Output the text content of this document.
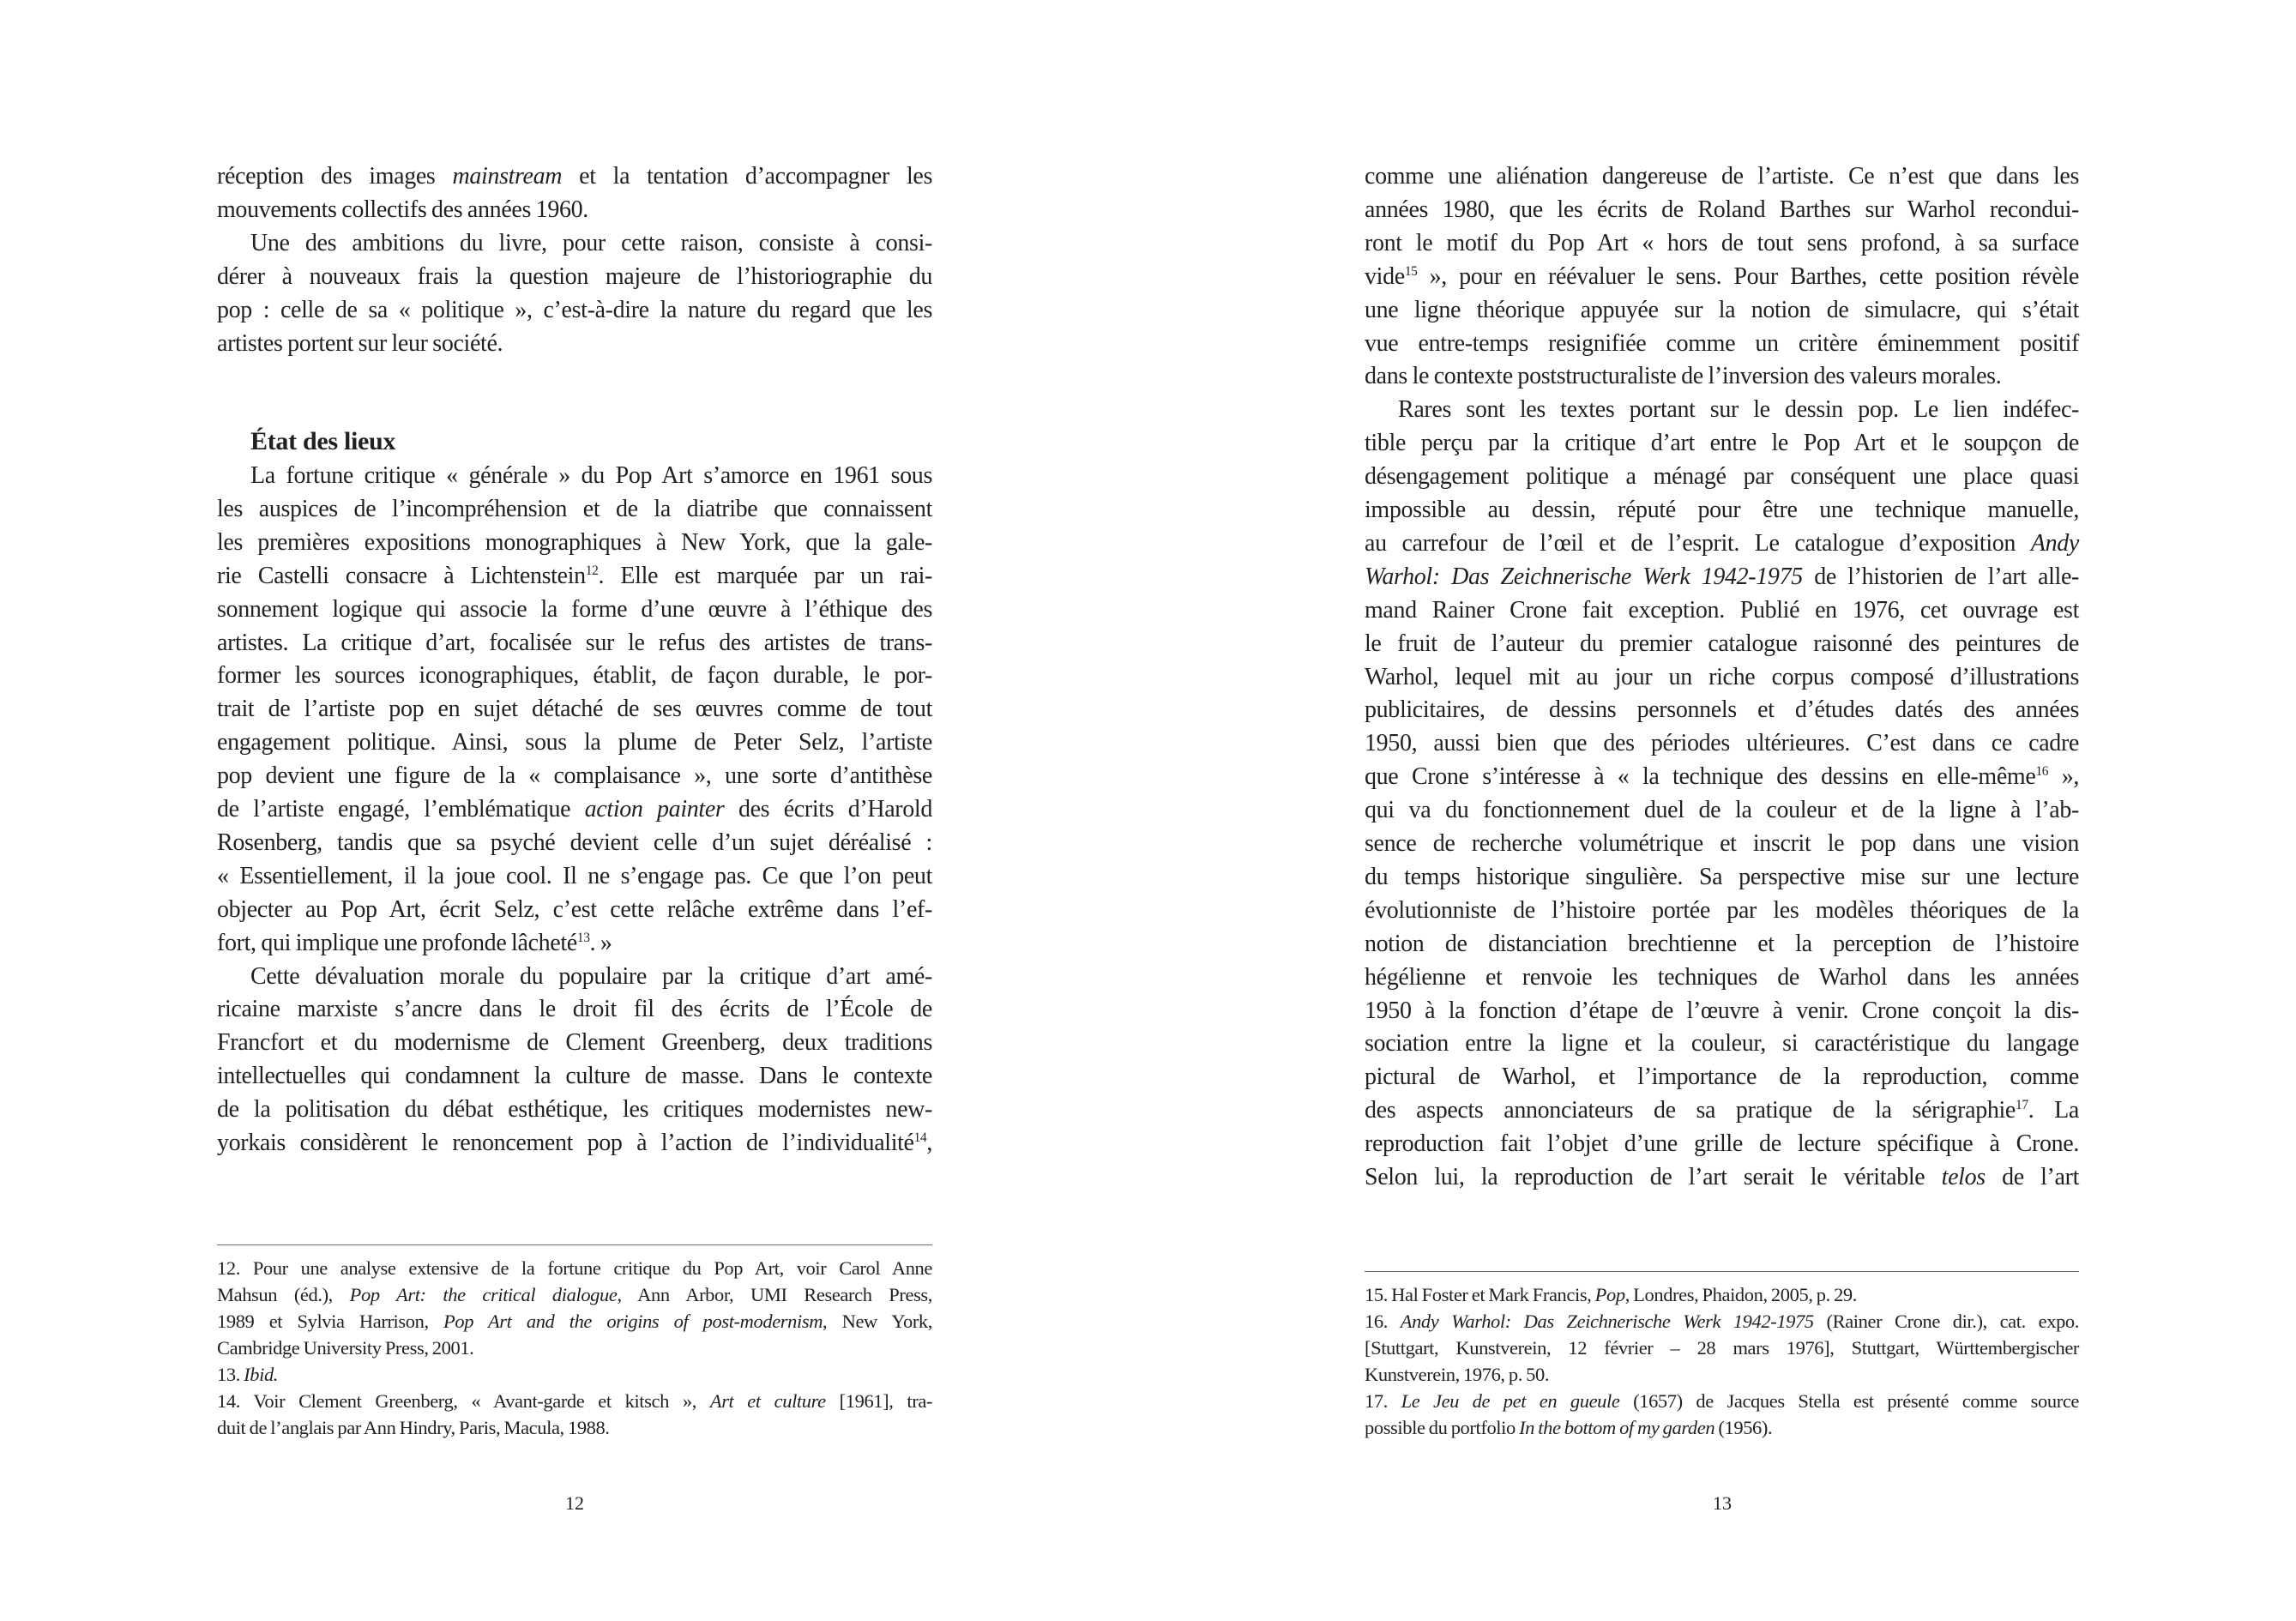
réception des images mainstream et la tentation d’accompagner les
mouvements collectifs des années 1960.
Une des ambitions du livre, pour cette raison, consiste à consi-
dérer à nouveaux frais la question majeure de l’historiographie du
pop : celle de sa « politique », c’est-à-dire la nature du regard que les
artistes portent sur leur société.
État des lieux
La fortune critique « générale » du Pop Art s’amorce en 1961 sous
les auspices de l’incompréhension et de la diatribe que connaissent
les premières expositions monographiques à New York, que la gale-
rie Castelli consacre à Lichtenstein$^{12}$. Elle est marquée par un rai-
sonnement logique qui associe la forme d’une œuvre à l’éthique des
artistes. La critique d’art, focalisée sur le refus des artistes de trans-
former les sources iconographiques, établit, de façon durable, le por-
trait de l’artiste pop en sujet détaché de ses œuvres comme de tout
engagement politique. Ainsi, sous la plume de Peter Selz, l’artiste
pop devient une figure de la « complaisance », une sorte d’antithèse
de l’artiste engagé, l’emblématique action painter des écrits d’Harold
Rosenberg, tandis que sa psyché devient celle d’un sujet déréalisé :
« Essentiellement, il la joue cool. Il ne s’engage pas. Ce que l’on peut
objecter au Pop Art, écrit Selz, c’est cette relâche extrême dans l’ef-
fort, qui implique une profonde lâcheté$^{13}$. »
Cette dévaluation morale du populaire par la critique d’art amé-
ricaine marxiste s’ancre dans le droit fil des écrits de l’École de
Francfort et du modernisme de Clement Greenberg, deux traditions
intellectuelles qui condamnent la culture de masse. Dans le contexte
de la politisation du débat esthétique, les critiques modernistes new-
yorkais considèrent le renoncement pop à l’action de l’individualité$^{14}$,
12. Pour une analyse extensive de la fortune critique du Pop Art, voir Carol Anne
Mahsun (éd.), Pop Art: the critical dialogue, Ann Arbor, UMI Research Press,
1989 et Sylvia Harrison, Pop Art and the origins of post-modernism, New York,
Cambridge University Press, 2001.
13. Ibid.
14. Voir Clement Greenberg, « Avant-garde et kitsch », Art et culture [1961], tra-
duit de l’anglais par Ann Hindry, Paris, Macula, 1988.
12
comme une aliénation dangereuse de l’artiste. Ce n’est que dans les
années 1980, que les écrits de Roland Barthes sur Warhol recondui-
ront le motif du Pop Art « hors de tout sens profond, à sa surface
vide$^{15}$ », pour en réévaluer le sens. Pour Barthes, cette position révèle
une ligne théorique appuyée sur la notion de simulacre, qui s’était
vue entre-temps resignifiée comme un critère éminemment positif
dans le contexte poststructuraliste de l’inversion des valeurs morales.
Rares sont les textes portant sur le dessin pop. Le lien indéfec-
tible perçu par la critique d’art entre le Pop Art et le soupçon de
désengagement politique a ménagé par conséquent une place quasi
impossible au dessin, réputé pour être une technique manuelle,
au carrefour de l’œil et de l’esprit. Le catalogue d’exposition Andy
Warhol: Das Zeichnerische Werk 1942-1975 de l’historien de l’art alle-
mand Rainer Crone fait exception. Publié en 1976, cet ouvrage est
le fruit de l’auteur du premier catalogue raisonné des peintures de
Warhol, lequel mit au jour un riche corpus composé d’illustrations
publicitaires, de dessins personnels et d’études datés des années
1950, aussi bien que des périodes ultérieures. C’est dans ce cadre
que Crone s’intéresse à « la technique des dessins en elle-même$^{16}$ »,
qui va du fonctionnement duel de la couleur et de la ligne à l’ab-
sence de recherche volumétrique et inscrit le pop dans une vision
du temps historique singulière. Sa perspective mise sur une lecture
évolutionniste de l’histoire portée par les modèles théoriques de la
notion de distanciation brechtienne et la perception de l’histoire
hégélienne et renvoie les techniques de Warhol dans les années
1950 à la fonction d’étape de l’œuvre à venir. Crone conçoit la dis-
sociation entre la ligne et la couleur, si caractéristique du langage
pictural de Warhol, et l’importance de la reproduction, comme
des aspects annonciateurs de sa pratique de la sérigraphie$^{17}$. La
reproduction fait l’objet d’une grille de lecture spécifique à Crone.
Selon lui, la reproduction de l’art serait le véritable telos de l’art
15. Hal Foster et Mark Francis, Pop, Londres, Phaidon, 2005, p. 29.
16. Andy Warhol: Das Zeichnerische Werk 1942-1975 (Rainer Crone dir.), cat. expo.
[Stuttgart, Kunstverein, 12 février – 28 mars 1976], Stuttgart, Württembergischer
Kunstverein, 1976, p. 50.
17. Le Jeu de pet en gueule (1657) de Jacques Stella est présenté comme source
possible du portfolio In the bottom of my garden (1956).
13
